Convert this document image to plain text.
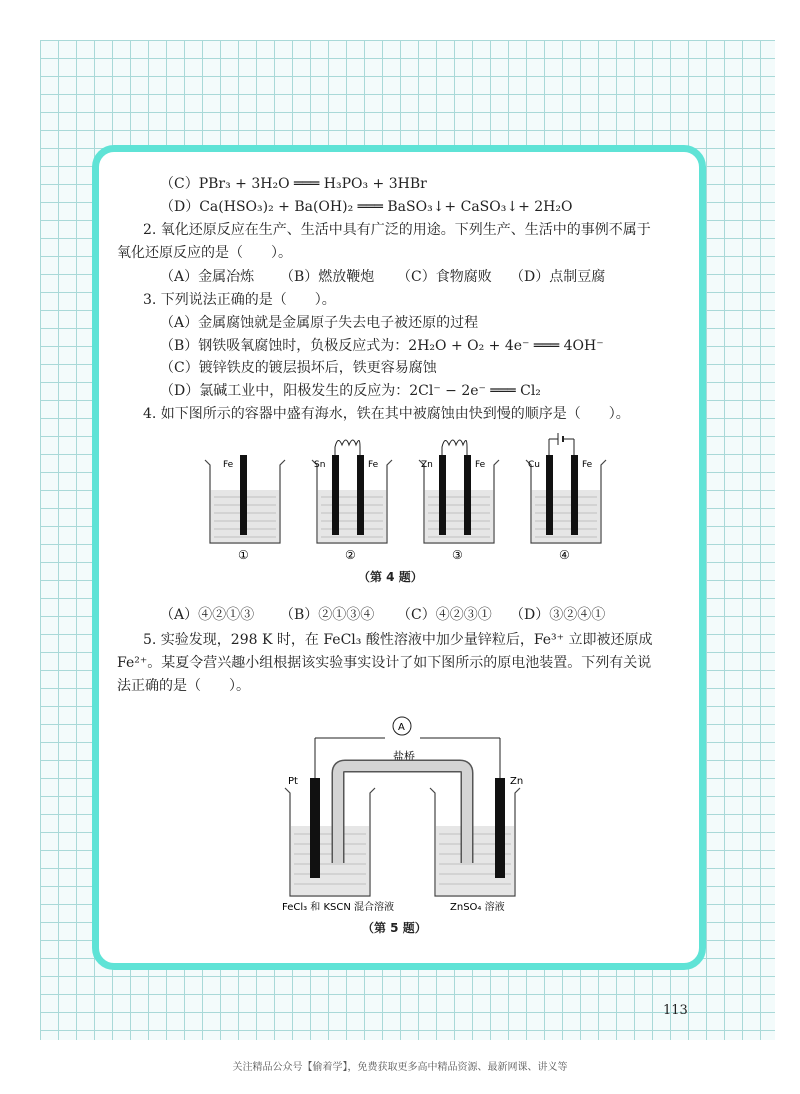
（C）PBr₃ + 3H₂O ═══ H₃PO₃ + 3HBr
（D）Ca(HSO₃)₂ + Ba(OH)₂ ═══ BaSO₃↓+ CaSO₃↓+ 2H₂O
2. 氧化还原反应在生产、生活中具有广泛的用途。下列生产、生活中的事例不属于
氧化还原反应的是（　　）。
（A）金属冶炼 （B）燃放鞭炮 （C）食物腐败 （D）点制豆腐
3. 下列说法正确的是（　　）。
（A）金属腐蚀就是金属原子失去电子被还原的过程
（B）钢铁吸氧腐蚀时，负极反应式为：2H₂O + O₂ + 4e⁻ ═══ 4OH⁻
（C）镀锌铁皮的镀层损坏后，铁更容易腐蚀
（D）氯碱工业中，阳极发生的反应为：2Cl⁻ − 2e⁻ ═══ Cl₂
4. 如下图所示的容器中盛有海水，铁在其中被腐蚀由快到慢的顺序是（　　）。
Fe
①
Sn	Fe
②
Zn	Fe
③
Cu	Fe
④
（第 4 题）
（A）④②①③ （B）②①③④ （C）④②③① （D）③②④①
5. 实验发现，298 K 时，在 FeCl₃ 酸性溶液中加少量锌粒后，Fe³⁺ 立即被还原成
Fe²⁺。某夏令营兴趣小组根据该实验事实设计了如下图所示的原电池装置。下列有关说
法正确的是（　　）。
A
盐桥
Pt	Zn
FeCl₃ 和 KSCN 混合溶液	ZnSO₄ 溶液
（第 5 题）
113
关注精品公众号【偷着学】，免费获取更多高中精品资源、最新网课、讲义等
